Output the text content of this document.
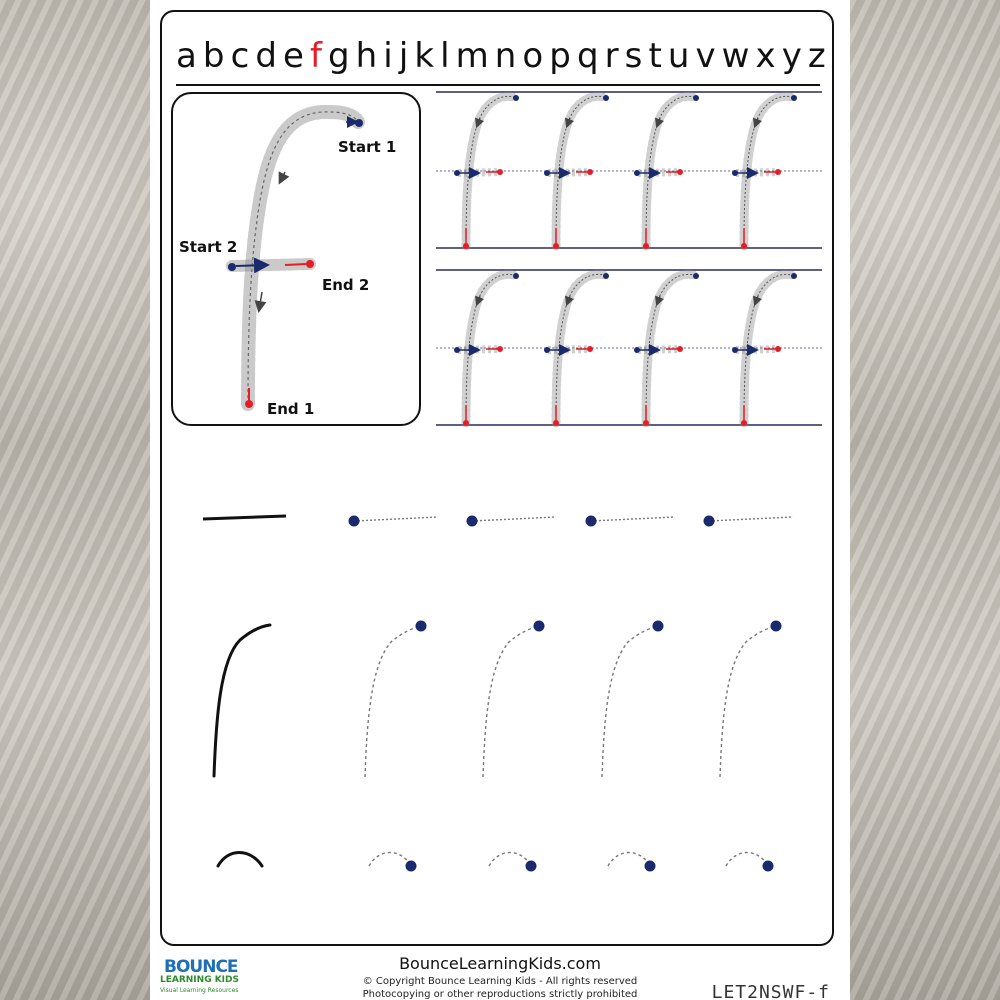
a b c d e f g h i j k l m n o p q r s t u v w x y z
Start 1
Start 2
End 2
End 1
BOUNCE
LEARNING KIDS
Visual Learning Resources
BounceLearningKids.com
© Copyright Bounce Learning Kids - All rights reserved
Photocopying or other reproductions strictly prohibited	LET2NSWF-f
